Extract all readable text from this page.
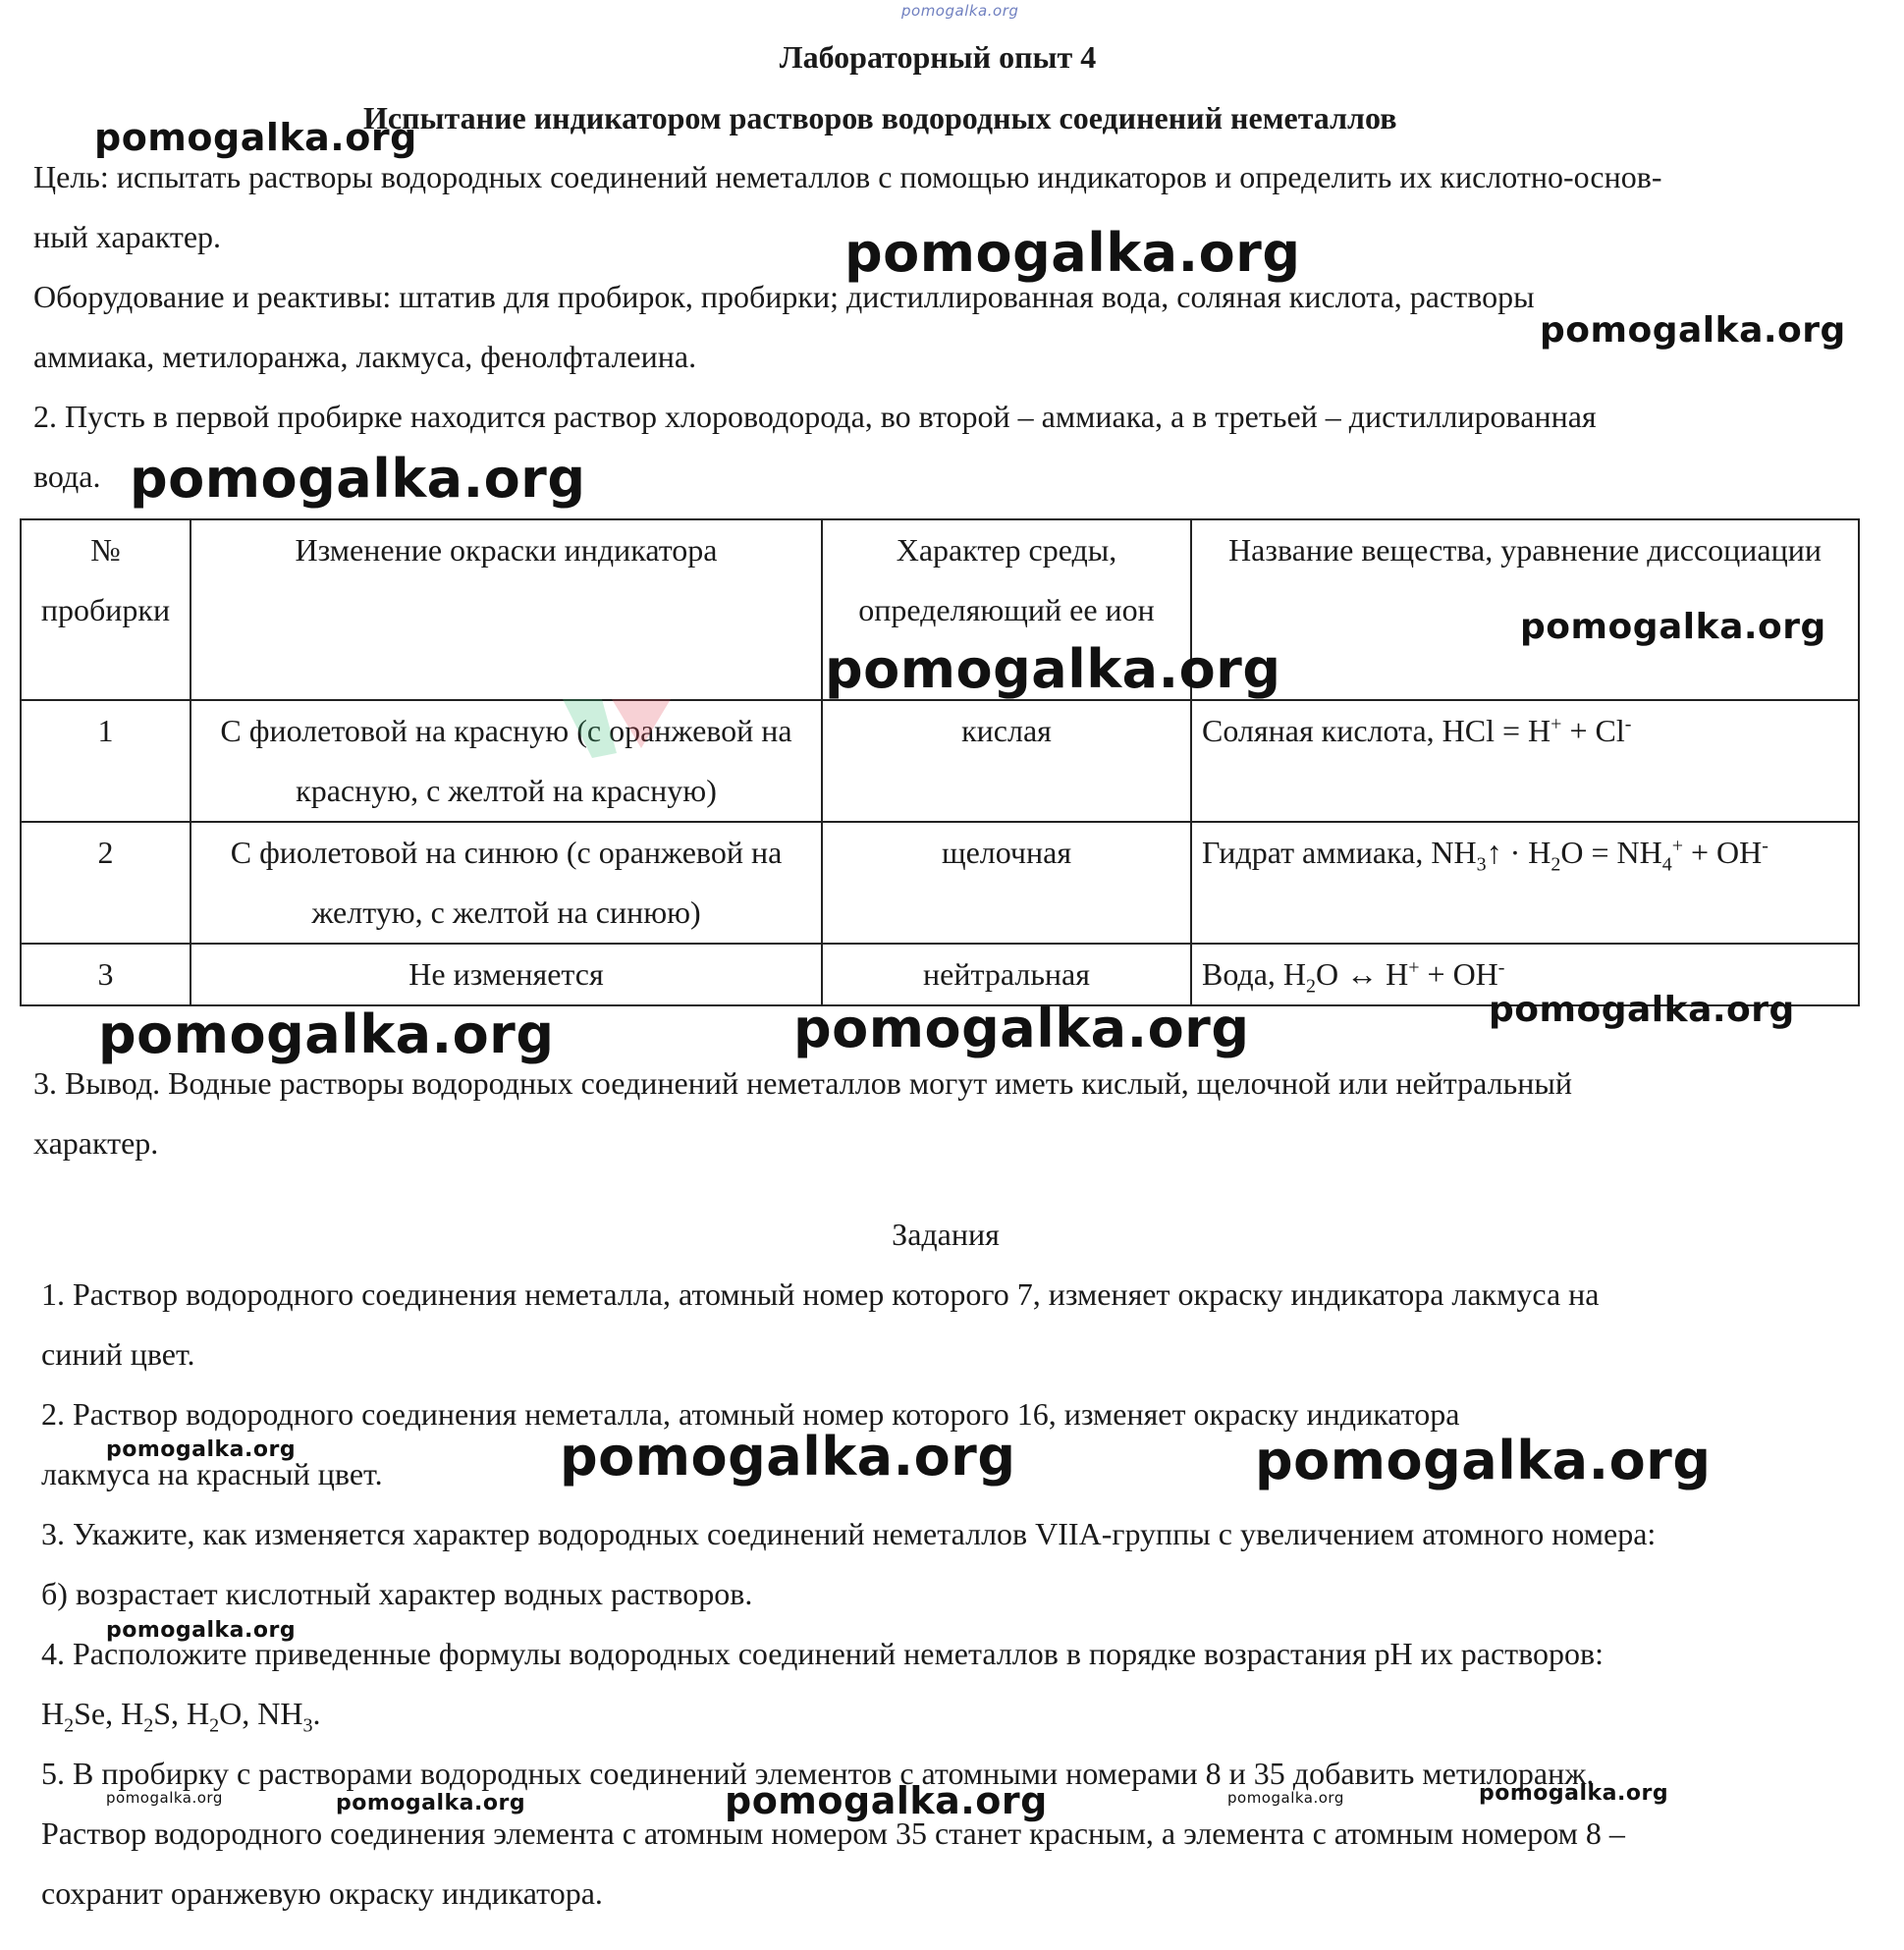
pomogalka.org
Лабораторный опыт 4
Испытание индикатором растворов водородных соединений неметаллов
Цель: испытать растворы водородных соединений неметаллов с помощью индикаторов и определить их кислотно-основ-
ный характер.
Оборудование и реактивы: штатив для пробирок, пробирки; дистиллированная вода, соляная кислота, растворы
аммиака, метилоранжа, лакмуса, фенолфталеина.
2. Пусть в первой пробирке находится раствор хлороводорода, во второй – аммиака, а в третьей – дистиллированная
вода.
№ пробирки	Изменение окраски индикатора	Характер среды, определяющий ее ион	Название вещества, уравнение диссоциации
1	С фиолетовой на красную (с оранжевой на красную, с желтой на красную)	кислая	Соляная кислота, HCl = H+ + Cl-
2	С фиолетовой на синюю (с оранжевой на желтую, с желтой на синюю)	щелочная	Гидрат аммиака, $NH_3↑ \cdot H_2O = NH_4^+ + OH^-$
3	Не изменяется	нейтральная	Вода, $H_2O$ ↔ H+ + OH-
3. Вывод. Водные растворы водородных соединений неметаллов могут иметь кислый, щелочной или нейтральный
характер.
Задания
1. Раствор водородного соединения неметалла, атомный номер которого 7, изменяет окраску индикатора лакмуса на
синий цвет.
2. Раствор водородного соединения неметалла, атомный номер которого 16, изменяет окраску индикатора
лакмуса на красный цвет.
3. Укажите, как изменяется характер водородных соединений неметаллов VIIA-группы с увеличением атомного номера:
б) возрастает кислотный характер водных растворов.
4. Расположите приведенные формулы водородных соединений неметаллов в порядке возрастания pH их растворов:
$H_2Se$, $H_2S$, $H_2O$, $NH_3$.
5. В пробирку с растворами водородных соединений элементов с атомными номерами 8 и 35 добавить метилоранж.
Раствор водородного соединения элемента с атомным номером 35 станет красным, а элемента с атомным номером 8 –
сохранит оранжевую окраску индикатора.
pomogalka.org
pomogalka.org
pomogalka.org
pomogalka.org
pomogalka.org
pomogalka.org
pomogalka.org	pomogalka.org	pomogalka.org
pomogalka.org	pomogalka.org	pomogalka.org
pomogalka.org
pomogalka.org	pomogalka.org	pomogalka.org	pomogalka.org	pomogalka.org
